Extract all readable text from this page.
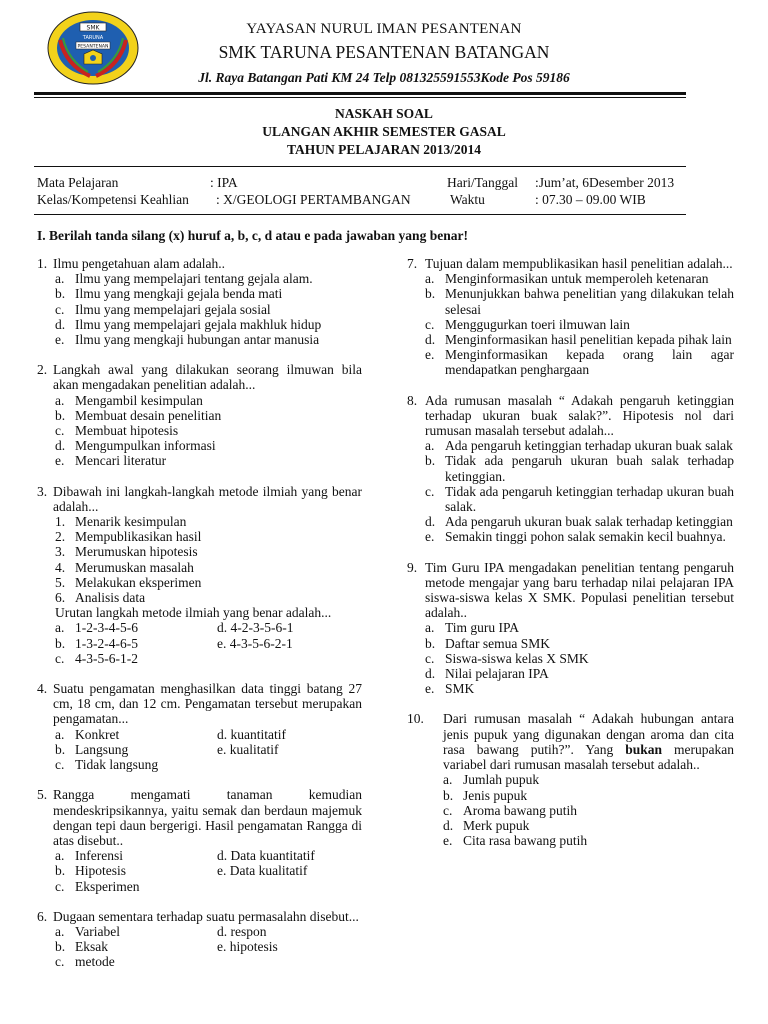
SMK
TARUNA
PESANTENAN
YAYASAN NURUL IMAN PESANTENAN
SMK TARUNA PESANTENAN BATANGAN
Jl. Raya Batangan Pati KM 24 Telp 081325591553Kode Pos 59186
NASKAH SOAL
ULANGAN AKHIR SEMESTER GASAL
TAHUN PELAJARAN 2013/2014
Mata Pelajaran	: IPA
Kelas/Kompetensi Keahlian : X/GEOLOGI PERTAMBANGAN
Hari/Tanggal :Jum’at, 6Desember 2013
Waktu	: 07.30 – 09.00 WIB
I. Berilah tanda silang (x) huruf a, b, c, d atau e pada jawaban yang benar!
1. Ilmu pengetahuan alam adalah..
a. Ilmu yang mempelajari tentang gejala alam.
b. Ilmu yang mengkaji gejala benda mati
c. Ilmu yang mempelajari gejala sosial
d. Ilmu yang mempelajari gejala makhluk hidup
e. Ilmu yang mengkaji hubungan antar manusia
2. Langkah awal yang dilakukan seorang ilmuwan bila akan mengadakan penelitian adalah...
a. Mengambil kesimpulan
b. Membuat desain penelitian
c. Membuat hipotesis
d. Mengumpulkan informasi
e. Mencari literatur
3. Dibawah ini langkah-langkah metode ilmiah yang benar adalah...
1. Menarik kesimpulan
2. Mempublikasikan hasil
3. Merumuskan hipotesis
4. Merumuskan masalah
5. Melakukan eksperimen
6. Analisis data
Urutan langkah metode ilmiah yang benar adalah...
a. 1-2-3-4-5-6	d. 4-2-3-5-6-1
b. 1-3-2-4-6-5	e. 4-3-5-6-2-1
c. 4-3-5-6-1-2
4. Suatu pengamatan menghasilkan data tinggi batang 27 cm, 18 cm, dan 12 cm. Pengamatan tersebut merupakan pengamatan...
a. Konkret	d. kuantitatif
b. Langsung	e. kualitatif
c. Tidak langsung
5. Rangga mengamati tanaman kemudian mendeskripsikannya, yaitu semak dan berdaun majemuk dengan tepi daun bergerigi. Hasil pengamatan Rangga di atas disebut..
a. Inferensi	d. Data kuantitatif
b. Hipotesis	e. Data kualitatif
c. Eksperimen
6. Dugaan sementara terhadap suatu permasalahn disebut...
a. Variabel	d. respon
b. Eksak	e. hipotesis
c. metode
7. Tujuan dalam mempublikasikan hasil penelitian adalah...
a. Menginformasikan untuk memperoleh ketenaran
b. Menunjukkan bahwa penelitian yang dilakukan telah selesai
c. Menggugurkan toeri ilmuwan lain
d. Menginformasikan hasil penelitian kepada pihak lain
e. Menginformasikan kepada orang lain agar mendapatkan penghargaan
8. Ada rumusan masalah “ Adakah pengaruh ketinggian terhadap ukuran buak salak?”. Hipotesis nol dari rumusan masalah tersebut adalah...
a. Ada pengaruh ketinggian terhadap ukuran buak salak
b. Tidak ada pengaruh ukuran buah salak terhadap ketinggian.
c. Tidak ada pengaruh ketinggian terhadap ukuran buah salak.
d. Ada pengaruh ukuran buak salak terhadap ketinggian
e. Semakin tinggi pohon salak semakin kecil buahnya.
9. Tim Guru IPA mengadakan penelitian tentang pengaruh metode mengajar yang baru terhadap nilai pelajaran IPA siswa-siswa kelas X SMK. Populasi penelitian tersebut adalah..
a. Tim guru IPA
b. Daftar semua SMK
c. Siswa-siswa kelas X SMK
d. Nilai pelajaran IPA
e. SMK
10.	Dari rumusan masalah “ Adakah hubungan antara jenis pupuk yang digunakan dengan aroma dan cita rasa bawang putih?”. Yang bukan merupakan variabel dari rumusan masalah tersebut adalah..
a. Jumlah pupuk
b. Jenis pupuk
c. Aroma bawang putih
d. Merk pupuk
e. Cita rasa bawang putih
